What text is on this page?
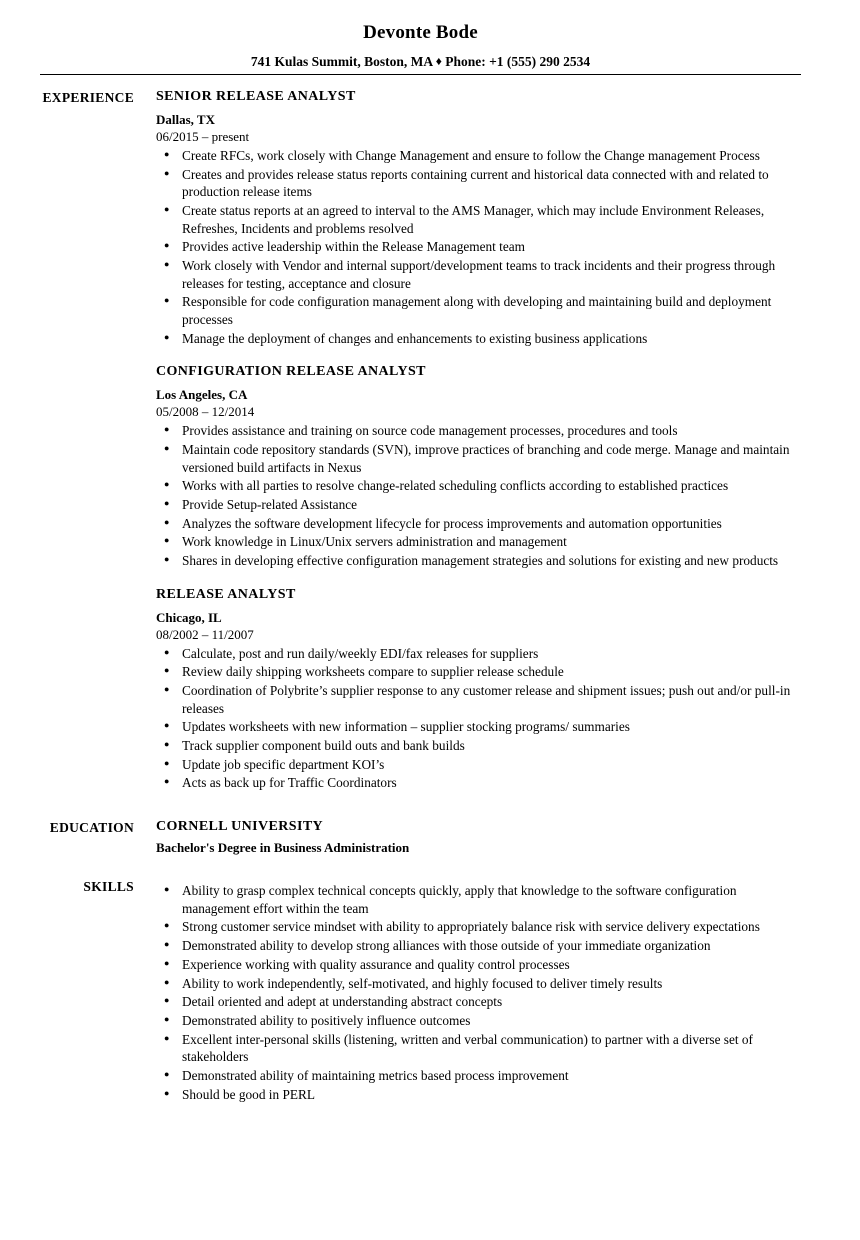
Devonte Bode
741 Kulas Summit, Boston, MA ♦ Phone: +1 (555) 290 2534
EXPERIENCE	SENIOR RELEASE ANALYST
Dallas, TX
06/2015 – present
● Create RFCs, work closely with Change Management and ensure to follow the Change management Process
● Creates and provides release status reports containing current and historical data connected with and related to production release items
● Create status reports at an agreed to interval to the AMS Manager, which may include Environment Releases, Refreshes, Incidents and problems resolved
● Provides active leadership within the Release Management team
● Work closely with Vendor and internal support/development teams to track incidents and their progress through releases for testing, acceptance and closure
● Responsible for code configuration management along with developing and maintaining build and deployment processes
● Manage the deployment of changes and enhancements to existing business applications
CONFIGURATION RELEASE ANALYST
Los Angeles, CA
05/2008 – 12/2014
● Provides assistance and training on source code management processes, procedures and tools
● Maintain code repository standards (SVN), improve practices of branching and code merge. Manage and maintain versioned build artifacts in Nexus
● Works with all parties to resolve change-related scheduling conflicts according to established practices
● Provide Setup-related Assistance
● Analyzes the software development lifecycle for process improvements and automation opportunities
● Work knowledge in Linux/Unix servers administration and management
● Shares in developing effective configuration management strategies and solutions for existing and new products
RELEASE ANALYST
Chicago, IL
08/2002 – 11/2007
● Calculate, post and run daily/weekly EDI/fax releases for suppliers
● Review daily shipping worksheets compare to supplier release schedule
● Coordination of Polybrite’s supplier response to any customer release and shipment issues; push out and/or pull-in releases
● Updates worksheets with new information – supplier stocking programs/ summaries
● Track supplier component build outs and bank builds
● Update job specific department KOI’s
● Acts as back up for Traffic Coordinators
EDUCATION	CORNELL UNIVERSITY
Bachelor's Degree in Business Administration
SKILLS	● Ability to grasp complex technical concepts quickly, apply that knowledge to the software configuration management effort within the team
● Strong customer service mindset with ability to appropriately balance risk with service delivery expectations
● Demonstrated ability to develop strong alliances with those outside of your immediate organization
● Experience working with quality assurance and quality control processes
● Ability to work independently, self-motivated, and highly focused to deliver timely results
● Detail oriented and adept at understanding abstract concepts
● Demonstrated ability to positively influence outcomes
● Excellent inter-personal skills (listening, written and verbal communication) to partner with a diverse set of stakeholders
● Demonstrated ability of maintaining metrics based process improvement
● Should be good in PERL
